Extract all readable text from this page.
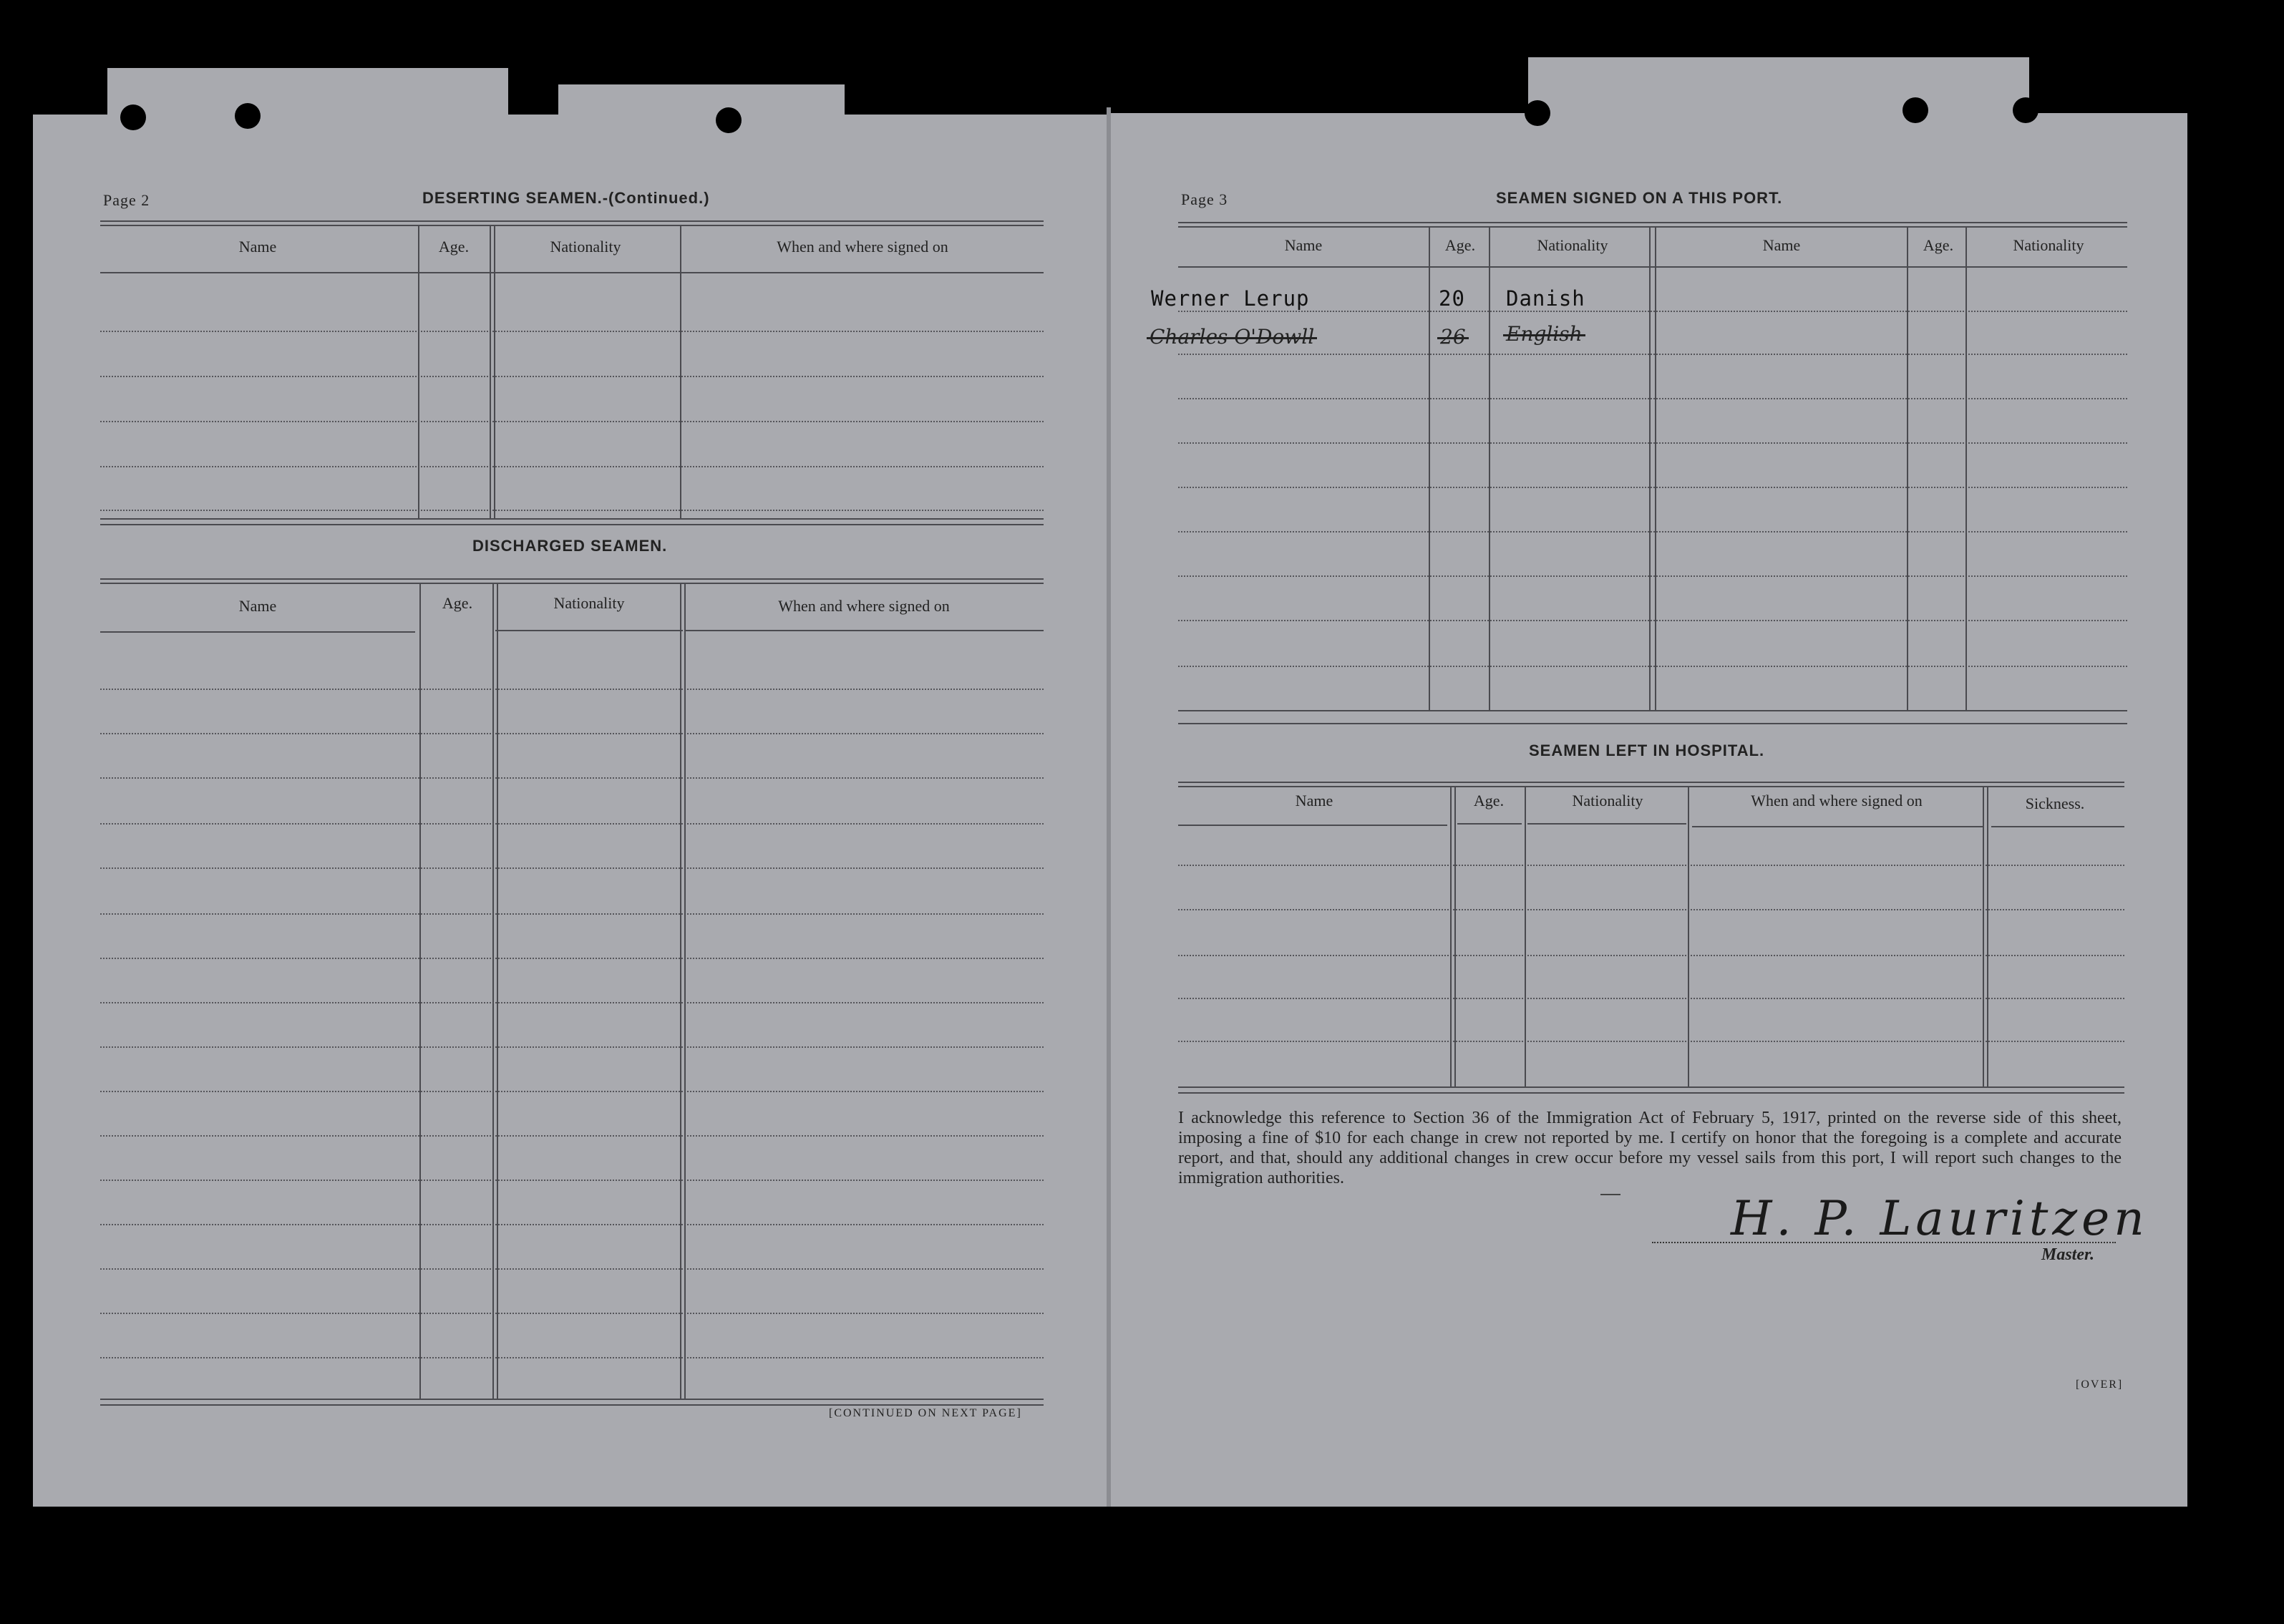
Page 2	DESERTING SEAMEN.-(Continued.)
Name	Age.	Nationality	When and where signed on
DISCHARGED SEAMEN.
Name	Age.	Nationality	When and where signed on
[CONTINUED ON NEXT PAGE]
Page 3	SEAMEN SIGNED ON A THIS PORT.
Name	Age.	Nationality	Name	Age.	Nationality
Werner Lerup	20 Danish
Charles O'Dowll	26 English
SEAMEN LEFT IN HOSPITAL.
Name	Age.	Nationality	When and where signed on	Sickness.
I acknowledge this reference to Section 36 of the Immigration Act of February 5, 1917, printed on the reverse side of this sheet, imposing a fine of $10 for each change in crew not reported by me. I certify on honor that the foregoing is a complete and accurate report, and that, should any additional changes in crew occur before my vessel sails from this port, I will report such changes to the immigration authorities.
H. P. Lauritzen
Master.
[OVER]
